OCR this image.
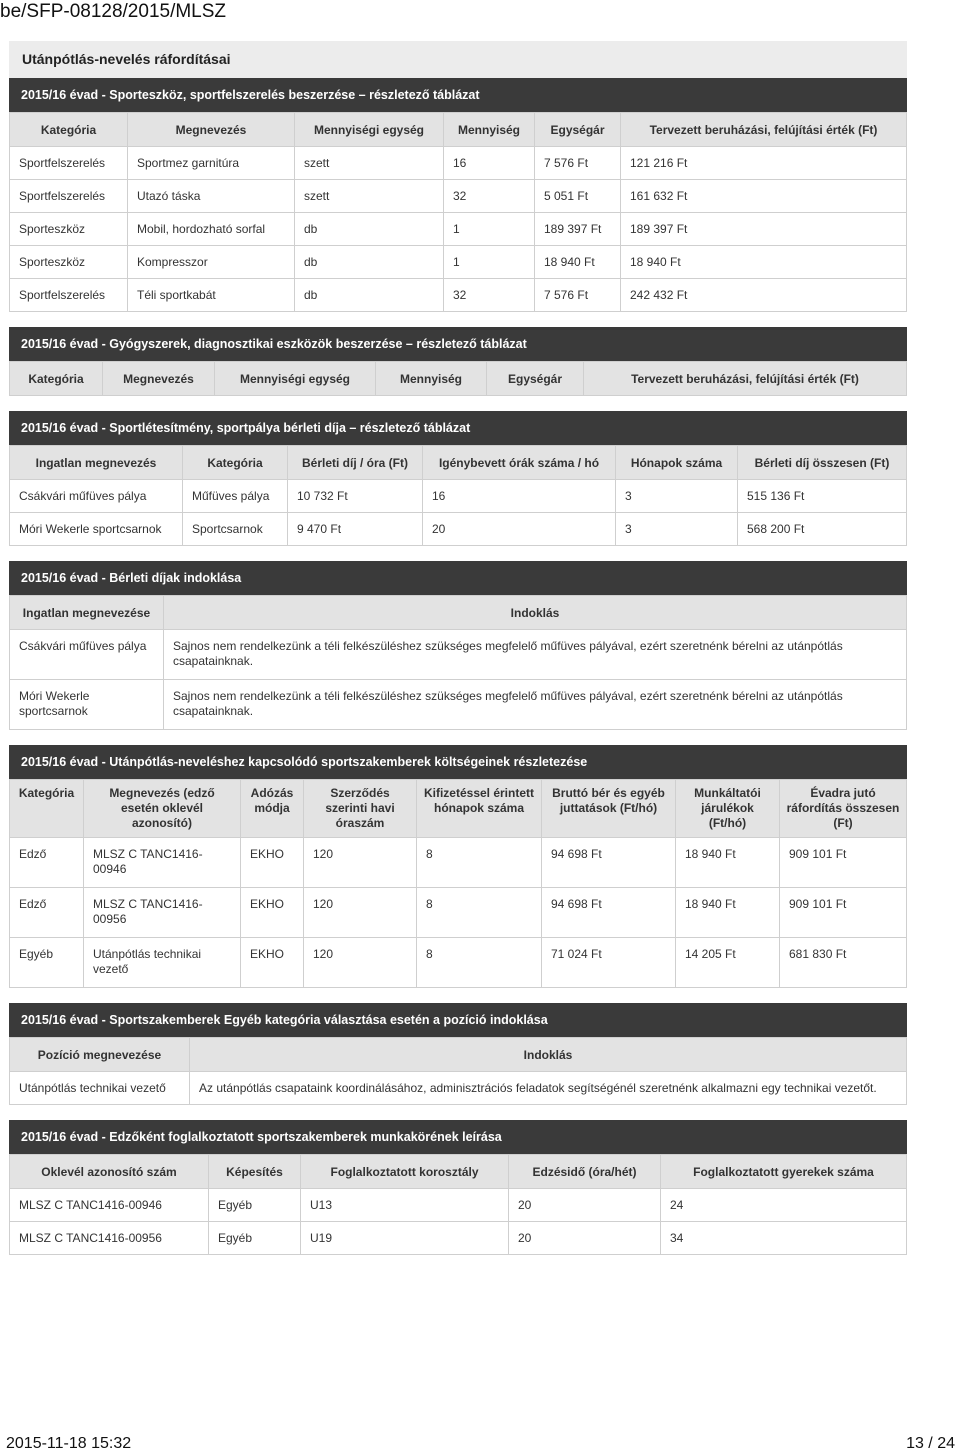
be/SFP-08128/2015/MLSZ
Utánpótlás-nevelés ráfordításai
2015/16 évad - Sporteszköz, sportfelszerelés beszerzése – részletező táblázat
Kategória	Megnevezés	Mennyiségi egység	Mennyiség	Egységár	Tervezett beruházási, felújítási érték (Ft)
Sportfelszerelés	Sportmez garnitúra	szett	16	7 576 Ft	121 216 Ft
Sportfelszerelés	Utazó táska	szett	32	5 051 Ft	161 632 Ft
Sporteszköz	Mobil, hordozható sorfal	db	1	189 397 Ft	189 397 Ft
Sporteszköz	Kompresszor	db	1	18 940 Ft	18 940 Ft
Sportfelszerelés	Téli sportkabát	db	32	7 576 Ft	242 432 Ft
2015/16 évad - Gyógyszerek, diagnosztikai eszközök beszerzése – részletező táblázat
Kategória	Megnevezés	Mennyiségi egység	Mennyiség	Egységár	Tervezett beruházási, felújítási érték (Ft)
2015/16 évad - Sportlétesítmény, sportpálya bérleti díja – részletező táblázat
Ingatlan megnevezés	Kategória	Bérleti díj / óra (Ft)	Igénybevett órák száma / hó	Hónapok száma	Bérleti díj összesen (Ft)
Csákvári műfüves pálya	Műfüves pálya	10 732 Ft	16	3	515 136 Ft
Móri Wekerle sportcsarnok	Sportcsarnok	9 470 Ft	20	3	568 200 Ft
2015/16 évad - Bérleti díjak indoklása
Ingatlan megnevezése	Indoklás
Csákvári műfüves pálya	Sajnos nem rendelkezünk a téli felkészüléshez szükséges megfelelő műfüves pályával, ezért szeretnénk bérelni az utánpótlás csapatainknak.
Móri Wekerle sportcsarnok	Sajnos nem rendelkezünk a téli felkészüléshez szükséges megfelelő műfüves pályával, ezért szeretnénk bérelni az utánpótlás csapatainknak.
2015/16 évad - Utánpótlás-neveléshez kapcsolódó sportszakemberek költségeinek részletezése
Kategória	Megnevezés (edző esetén oklevél azonosító)	Adózás módja	Szerződés szerinti havi óraszám	Kifizetéssel érintett hónapok száma	Bruttó bér és egyéb juttatások (Ft/hó)	Munkáltatói járulékok (Ft/hó)	Évadra jutó ráfordítás összesen (Ft)
Edző	MLSZ C TANC1416-00946	EKHO	120	8	94 698 Ft	18 940 Ft	909 101 Ft
Edző	MLSZ C TANC1416-00956	EKHO	120	8	94 698 Ft	18 940 Ft	909 101 Ft
Egyéb	Utánpótlás technikai vezető	EKHO	120	8	71 024 Ft	14 205 Ft	681 830 Ft
2015/16 évad - Sportszakemberek Egyéb kategória választása esetén a pozíció indoklása
Pozíció megnevezése	Indoklás
Utánpótlás technikai vezető	Az utánpótlás csapataink koordinálásához, adminisztrációs feladatok segítségénél szeretnénk alkalmazni egy technikai vezetőt.
2015/16 évad - Edzőként foglalkoztatott sportszakemberek munkakörének leírása
Oklevél azonosító szám	Képesítés	Foglalkoztatott korosztály	Edzésidő (óra/hét)	Foglalkoztatott gyerekek száma
MLSZ C TANC1416-00946	Egyéb	U13	20	24
MLSZ C TANC1416-00956	Egyéb	U19	20	34
2015-11-18 15:32	13 / 24
